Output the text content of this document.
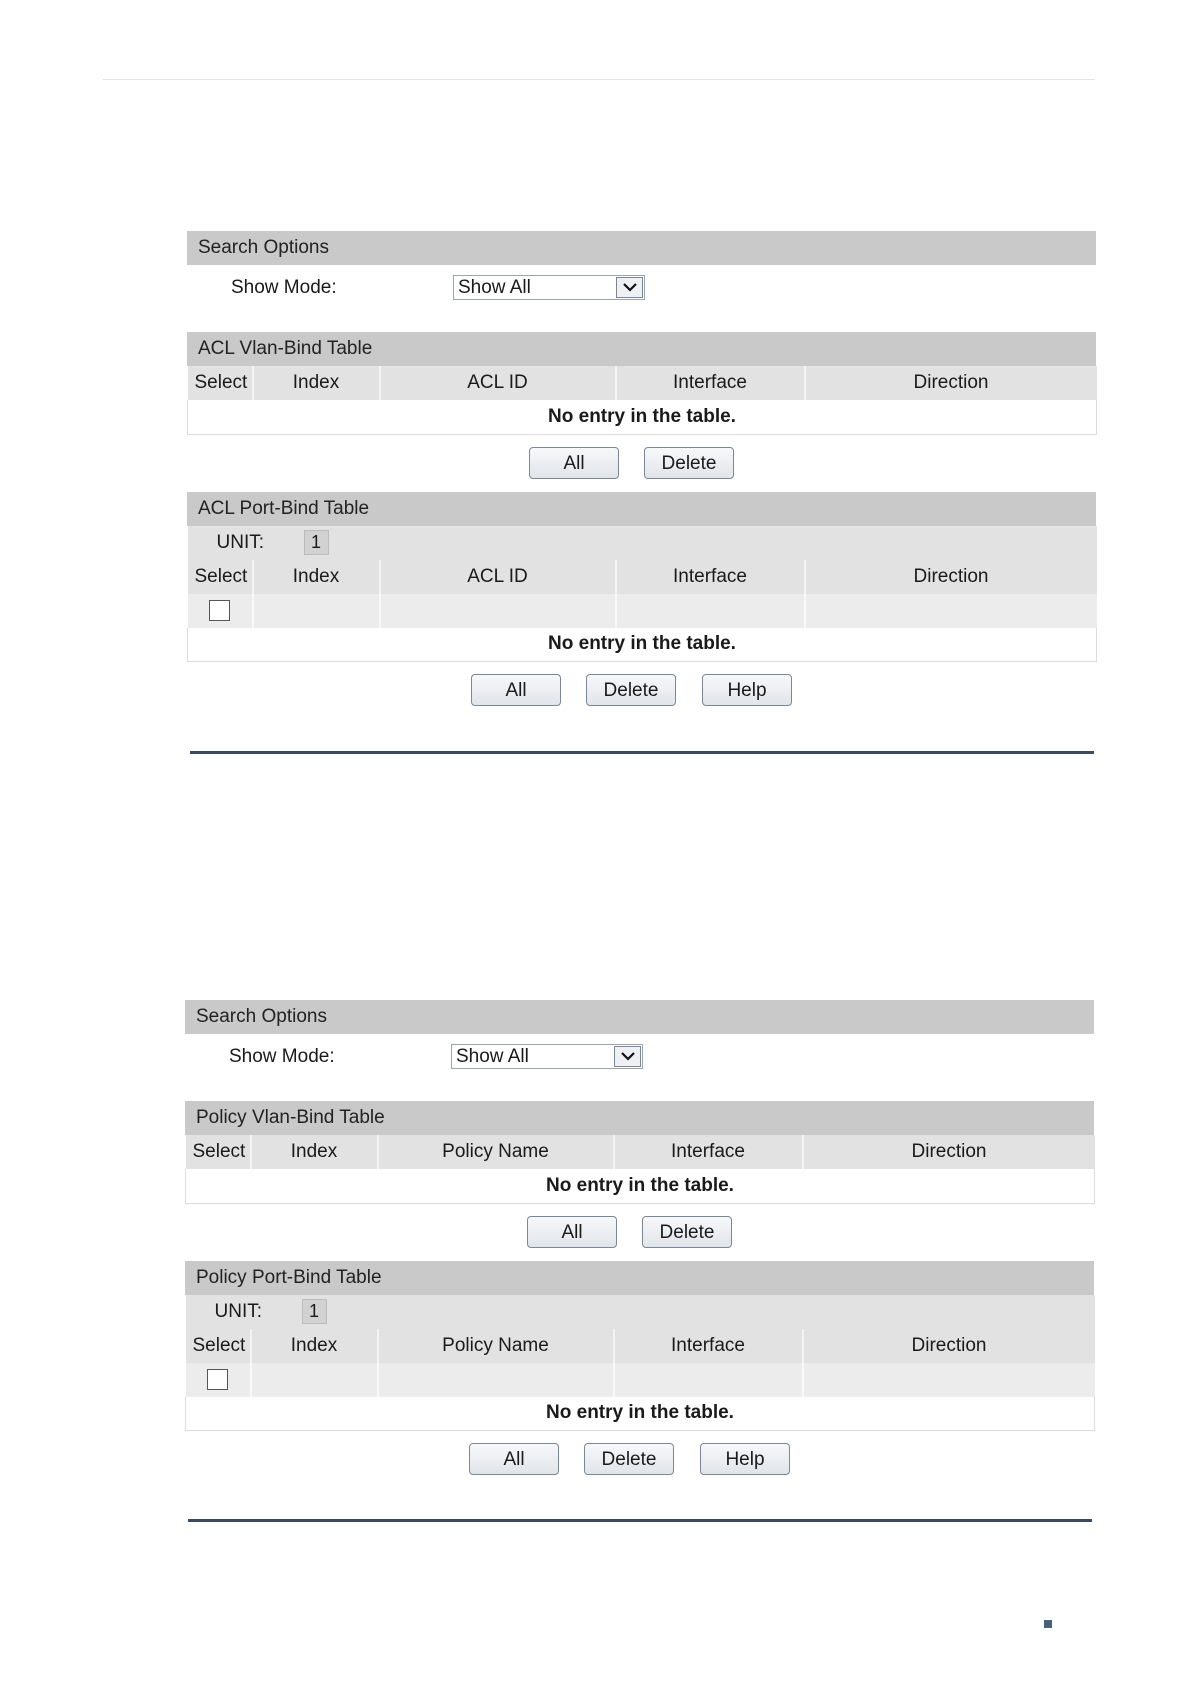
Search Options
Show Mode:	Show All
ACL Vlan-Bind Table
Select	Index	ACL ID	Interface	Direction
No entry in the table.
All	Delete
ACL Port-Bind Table
UNIT: 1				

Select	Index	ACL ID	Interface	Direction

No entry in the table.				
All	Delete	Help
Search Options
Show Mode:	Show All
Policy Vlan-Bind Table
Select	Index	Policy Name	Interface	Direction
No entry in the table.
All	Delete
Policy Port-Bind Table
UNIT: 1				

Select	Index	Policy Name	Interface	Direction

No entry in the table.				
All	Delete	Help
